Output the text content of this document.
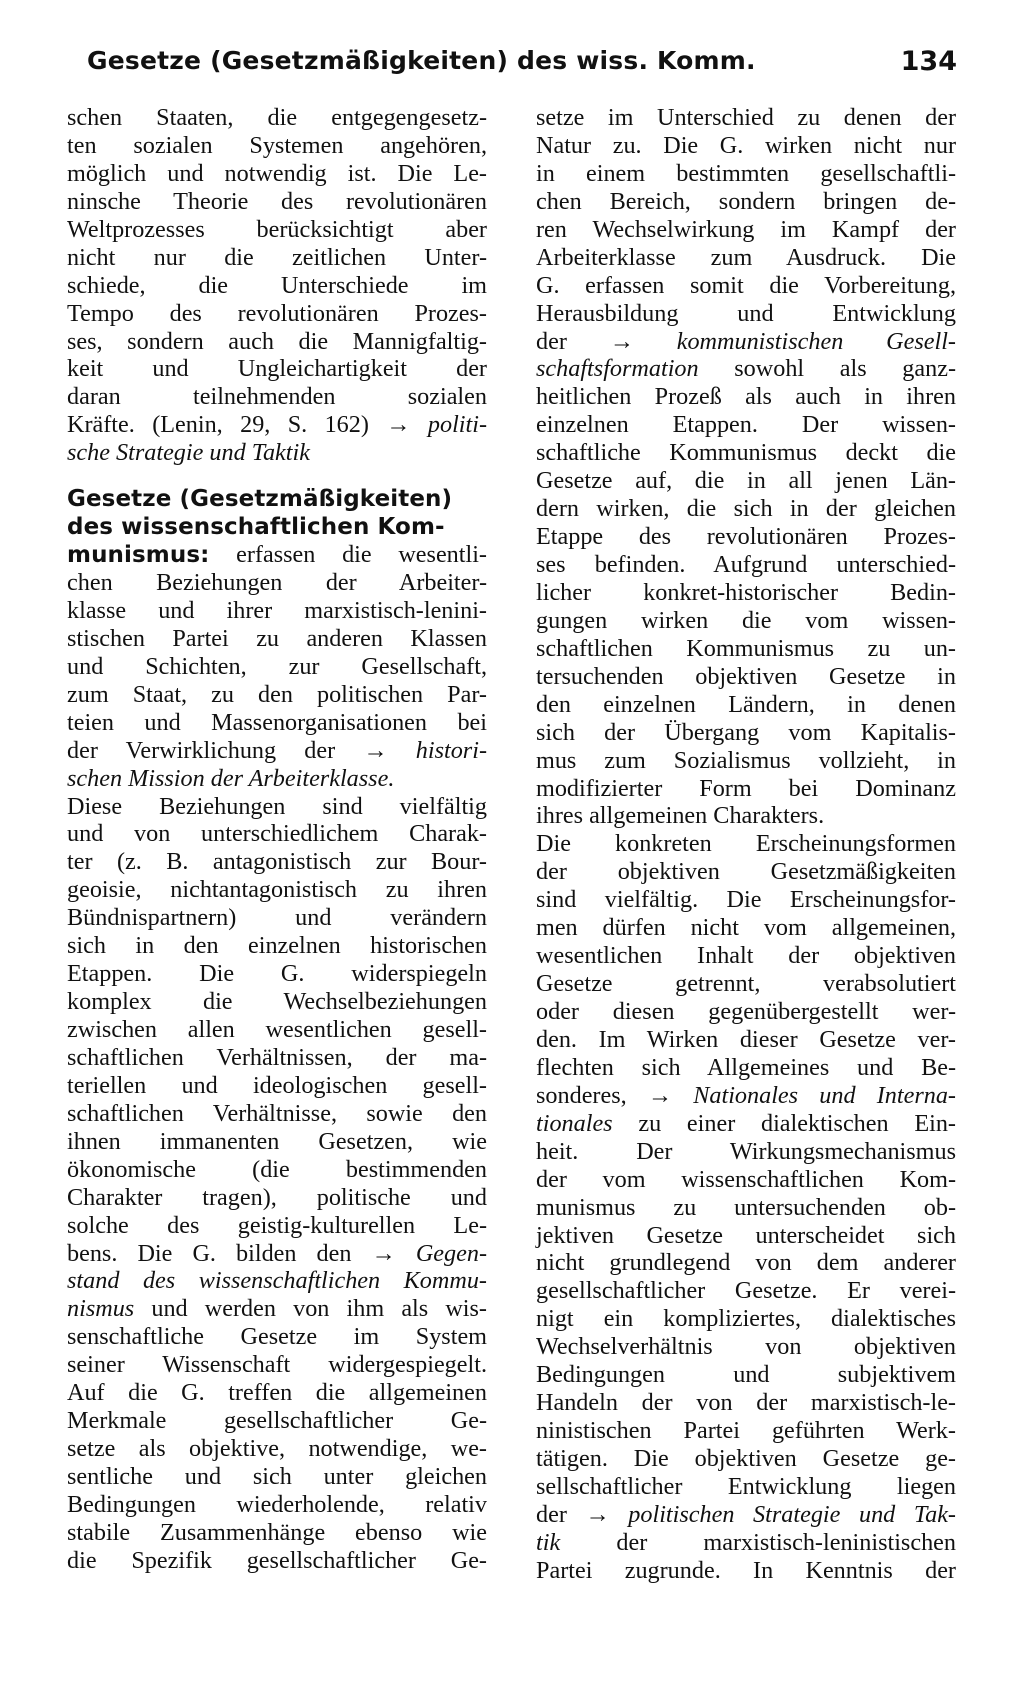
Gesetze (Gesetzmäßigkeiten) des wiss. Komm.	134
schen Staaten, die entgegengesetz-
ten sozialen Systemen angehören,
möglich und notwendig ist. Die Le-
ninsche Theorie des revolutionären
Weltprozesses berücksichtigt aber
nicht nur die zeitlichen Unter-
schiede, die Unterschiede im
Tempo des revolutionären Prozes-
ses, sondern auch die Mannigfaltig-
keit und Ungleichartigkeit der
daran teilnehmenden sozialen
Kräfte. (Lenin, 29, S. 162) → politi-
sche Strategie und Taktik
Gesetze (Gesetzmäßigkeiten)
des wissenschaftlichen Kom-
munismus: erfassen die wesentli-
chen Beziehungen der Arbeiter-
klasse und ihrer marxistisch-lenini-
stischen Partei zu anderen Klassen
und Schichten, zur Gesellschaft,
zum Staat, zu den politischen Par-
teien und Massenorganisationen bei
der Verwirklichung der → histori-
schen Mission der Arbeiterklasse.
Diese Beziehungen sind vielfältig
und von unterschiedlichem Charak-
ter (z. B. antagonistisch zur Bour-
geoisie, nichtantagonistisch zu ihren
Bündnispartnern) und verändern
sich in den einzelnen historischen
Etappen. Die G. widerspiegeln
komplex die Wechselbeziehungen
zwischen allen wesentlichen gesell-
schaftlichen Verhältnissen, der ma-
teriellen und ideologischen gesell-
schaftlichen Verhältnisse, sowie den
ihnen immanenten Gesetzen, wie
ökonomische (die bestimmenden
Charakter tragen), politische und
solche des geistig-kulturellen Le-
bens. Die G. bilden den → Gegen-
stand des wissenschaftlichen Kommu-
nismus und werden von ihm als wis-
senschaftliche Gesetze im System
seiner Wissenschaft widergespiegelt.
Auf die G. treffen die allgemeinen
Merkmale gesellschaftlicher Ge-
setze als objektive, notwendige, we-
sentliche und sich unter gleichen
Bedingungen wiederholende, relativ
stabile Zusammenhänge ebenso wie
die Spezifik gesellschaftlicher Ge-
setze im Unterschied zu denen der
Natur zu. Die G. wirken nicht nur
in einem bestimmten gesellschaftli-
chen Bereich, sondern bringen de-
ren Wechselwirkung im Kampf der
Arbeiterklasse zum Ausdruck. Die
G. erfassen somit die Vorbereitung,
Herausbildung und Entwicklung
der → kommunistischen Gesell-
schaftsformation sowohl als ganz-
heitlichen Prozeß als auch in ihren
einzelnen Etappen. Der wissen-
schaftliche Kommunismus deckt die
Gesetze auf, die in all jenen Län-
dern wirken, die sich in der gleichen
Etappe des revolutionären Prozes-
ses befinden. Aufgrund unterschied-
licher konkret-historischer Bedin-
gungen wirken die vom wissen-
schaftlichen Kommunismus zu un-
tersuchenden objektiven Gesetze in
den einzelnen Ländern, in denen
sich der Übergang vom Kapitalis-
mus zum Sozialismus vollzieht, in
modifizierter Form bei Dominanz
ihres allgemeinen Charakters.
Die konkreten Erscheinungsformen
der objektiven Gesetzmäßigkeiten
sind vielfältig. Die Erscheinungsfor-
men dürfen nicht vom allgemeinen,
wesentlichen Inhalt der objektiven
Gesetze getrennt, verabsolutiert
oder diesen gegenübergestellt wer-
den. Im Wirken dieser Gesetze ver-
flechten sich Allgemeines und Be-
sonderes, → Nationales und Interna-
tionales zu einer dialektischen Ein-
heit. Der Wirkungsmechanismus
der vom wissenschaftlichen Kom-
munismus zu untersuchenden ob-
jektiven Gesetze unterscheidet sich
nicht grundlegend von dem anderer
gesellschaftlicher Gesetze. Er verei-
nigt ein kompliziertes, dialektisches
Wechselverhältnis von objektiven
Bedingungen und subjektivem
Handeln der von der marxistisch-le-
ninistischen Partei geführten Werk-
tätigen. Die objektiven Gesetze ge-
sellschaftlicher Entwicklung liegen
der → politischen Strategie und Tak-
tik der marxistisch-leninistischen
Partei zugrunde. In Kenntnis der
